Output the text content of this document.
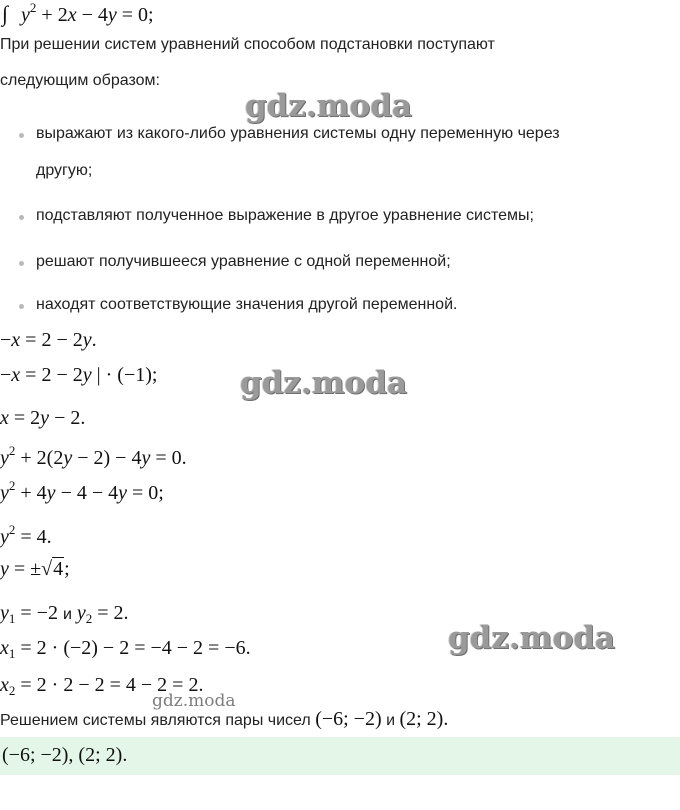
∫ $y^2 + 2x - 4y = 0$;
При решении систем уравнений способом подстановки поступают
следующим образом:
gdz.moda
gdz.moda
gdz.moda
gdz.moda
выражают из какого-либо уравнения системы одну переменную через
другую;
подставляют полученное выражение в другое уравнение системы;
решают получившееся уравнение с одной переменной;
находят соответствующие значения другой переменной.
−x = 2 − 2y.
−x = 2 − 2y | · (−1);
x = 2y − 2.
$y^2 + 2(2y - 2) - 4y = 0$.
$y^2 + 4y - 4 - 4y = 0$;
$y^2 = 4$.
y = ±√4;
$y_1 = -2$ и $y_2 = 2$.
$x_1 = 2 \cdot (-2) - 2 = -4 - 2 = -6$.
$x_2 = 2 \cdot 2 - 2 = 4 - 2 = 2$.
Решением системы являются пары чисел (−6; −2) и (2; 2).
(−6; −2), (2; 2).
